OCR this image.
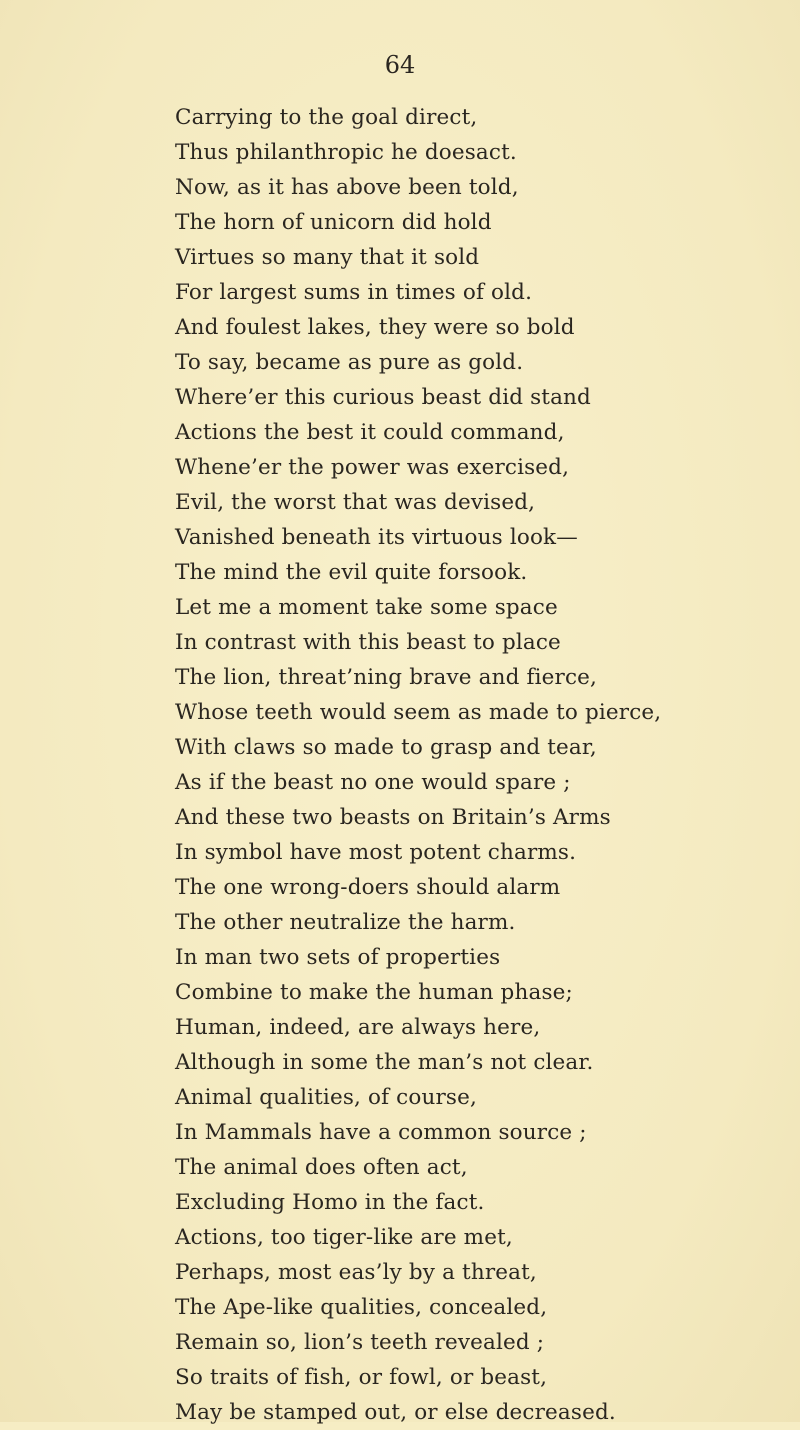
64
Carrying to the goal direct,
Thus philanthropic he doesact.
Now, as it has above been told,
The horn of unicorn did hold
Virtues so many that it sold
For largest sums in times of old.
And foulest lakes, they were so bold
To say, became as pure as gold.
Where’er this curious beast did stand
Actions the best it could command,
Whene’er the power was exercised,
Evil, the worst that was devised,
Vanished beneath its virtuous look—
The mind the evil quite forsook.
Let me a moment take some space
In contrast with this beast to place
The lion, threat’ning brave and fierce,
Whose teeth would seem as made to pierce,
With claws so made to grasp and tear,
As if the beast no one would spare ;
And these two beasts on Britain’s Arms
In symbol have most potent charms.
The one wrong-doers should alarm
The other neutralize the harm.
In man two sets of properties
Combine to make the human phase;
Human, indeed, are always here,
Although in some the man’s not clear.
Animal qualities, of course,
In Mammals have a common source ;
The animal does often act,
Excluding Homo in the fact.
Actions, too tiger-like are met,
Perhaps, most eas’ly by a threat,
The Ape-like qualities, concealed,
Remain so, lion’s teeth revealed ;
So traits of fish, or fowl, or beast,
May be stamped out, or else decreased.
